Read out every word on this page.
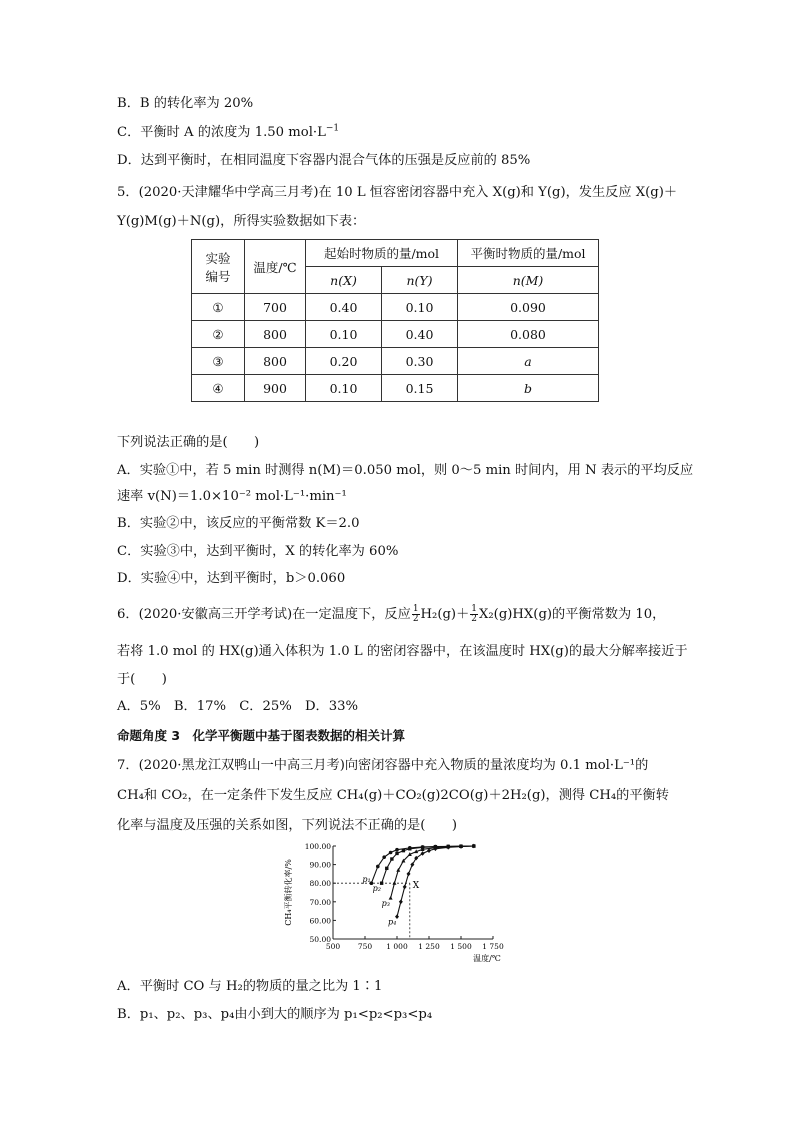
B．B 的转化率为 20%
C．平衡时 A 的浓度为 1.50 $mol\cdot L^{-1}$
D．达到平衡时，在相同温度下容器内混合气体的压强是反应前的 85%
5．(2020·天津耀华中学高三月考)在 10 L 恒容密闭容器中充入 X(g)和 Y(g)，发生反应 X(g)＋
Y(g)M(g)＋N(g)，所得实验数据如下表：
实验
编号	温度/℃	起始时物质的量/mol		平衡时物质的量/mol
		n(X)	n(Y)	n(M)
①	700	0.40	0.10	0.090
②	800	0.10	0.40	0.080
③	800	0.20	0.30	a
④	900	0.10	0.15	b
下列说法正确的是(　　)
A．实验①中，若 5 min 时测得 n(M)＝0.050 mol，则 0～5 min 时间内，用 N 表示的平均反应
速率 v(N)＝1.0×10⁻² mol·L⁻¹·min⁻¹
B．实验②中，该反应的平衡常数 K＝2.0
C．实验③中，达到平衡时，X 的转化率为 60%
D．实验④中，达到平衡时，b＞0.060
6．(2020·安徽高三开学考试)在一定温度下，反应 $\frac{1}{2} H_2(g)+ \frac{1}{2} X_2(g)HX(g)$的平衡常数为 10，
若将 1.0 mol 的 HX(g)通入体积为 1.0 L 的密闭容器中，在该温度时 HX(g)的最大分解率接近于
于(　　)
A．5%　B．17%　C．25%　D．33%
命题角度 3　化学平衡题中基于图表数据的相关计算
7．(2020·黑龙江双鸭山一中高三月考)向密闭容器中充入物质的量浓度均为 0.1 mol·L⁻¹的
CH₄和 CO₂，在一定条件下发生反应 CH₄(g)＋CO₂(g)2CO(g)＋2H₂(g)，测得 CH₄的平衡转
化率与温度及压强的关系如图，下列说法不正确的是(　　)
50.00
60.00
70.00
80.00
90.00
100.00
500 750 1 000 1 250 1 500 1 750
温度/℃
CH₄平衡转化率/%	X
p₁
p₂
p₃
p₄
A．平衡时 CO 与 H₂的物质的量之比为 1∶1
B．p₁、p₂、p₃、p₄由小到大的顺序为 p₁<p₂<p₃<p₄
